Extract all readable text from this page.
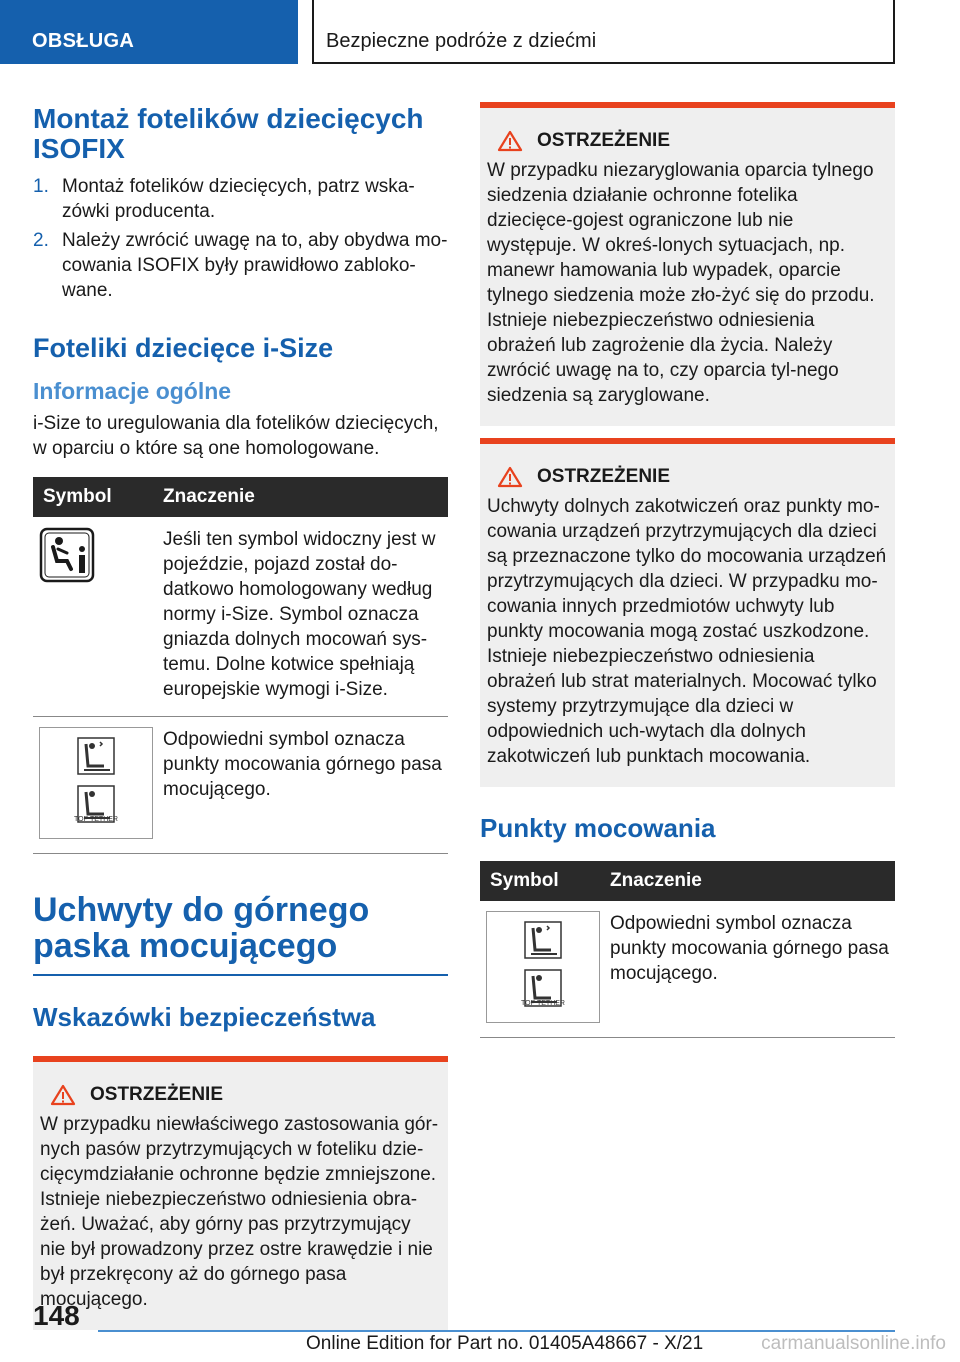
OBSŁUGA	Bezpieczne podróże z dziećmi
Montaż fotelików dziecięcych ISOFIX
1. Montaż fotelików dziecięcych, patrz wska-zówki producenta.
2. Należy zwrócić uwagę na to, aby obydwa mo-cowania ISOFIX były prawidłowo zabloko-wane.
Foteliki dziecięce i-Size
Informacje ogólne

i-Size to uregulowania dla fotelików dziecięcych, w oparciu o które są one homologowane.

Symbol	Znaczenie
	Jeśli ten symbol widoczny jest w pojeździe, pojazd został do-datkowo homologowany według normy i-Size. Symbol oznacza gniazda dolnych mocowań sys-temu. Dolne kotwice spełniają europejskie wymogi i-Size.

TOP TETHER	Odpowiedni symbol oznacza punkty mocowania górnego pasa mocującego.
Uchwyty do górnego paska mocującego
Wskazówki bezpieczeństwa
OSTRZEŻENIE

W przypadku niewłaściwego zastosowania gór-nych pasów przytrzymujących w foteliku dzie-cięcymdziałanie ochronne będzie zmniejszone. Istnieje niebezpieczeństwo odniesienia obra-żeń. Uważać, aby górny pas przytrzymujący nie był prowadzony przez ostre krawędzie i nie był przekręcony aż do górnego pasa mocującego.

OSTRZEŻENIE

W przypadku niezaryglowania oparcia tylnego siedzenia działanie ochronne fotelika dziecięce-gojest ograniczone lub nie występuje. W okreś-lonych sytuacjach, np. manewr hamowania lub wypadek, oparcie tylnego siedzenia może zło-żyć się do przodu. Istnieje niebezpieczeństwo odniesienia obrażeń lub zagrożenie dla życia. Należy zwrócić uwagę na to, czy oparcia tyl-nego siedzenia są zaryglowane.

OSTRZEŻENIE

Uchwyty dolnych zakotwiczeń oraz punkty mo-cowania urządzeń przytrzymujących dla dzieci są przeznaczone tylko do mocowania urządzeń przytrzymujących dla dzieci. W przypadku mo-cowania innych przedmiotów uchwyty lub punkty mocowania mogą zostać uszkodzone. Istnieje niebezpieczeństwo odniesienia obrażeń lub strat materialnych. Mocować tylko systemy przytrzymujące dla dzieci w odpowiednich uch-wytach dla dolnych zakotwiczeń lub punktach mocowania.

Punkty mocowania
Symbol	Znaczenie

TOP TETHER	Odpowiedni symbol oznacza punkty mocowania górnego pasa mocującego.
148
Online Edition for Part no. 01405A48667 - X/21	carmanualsonline.info
